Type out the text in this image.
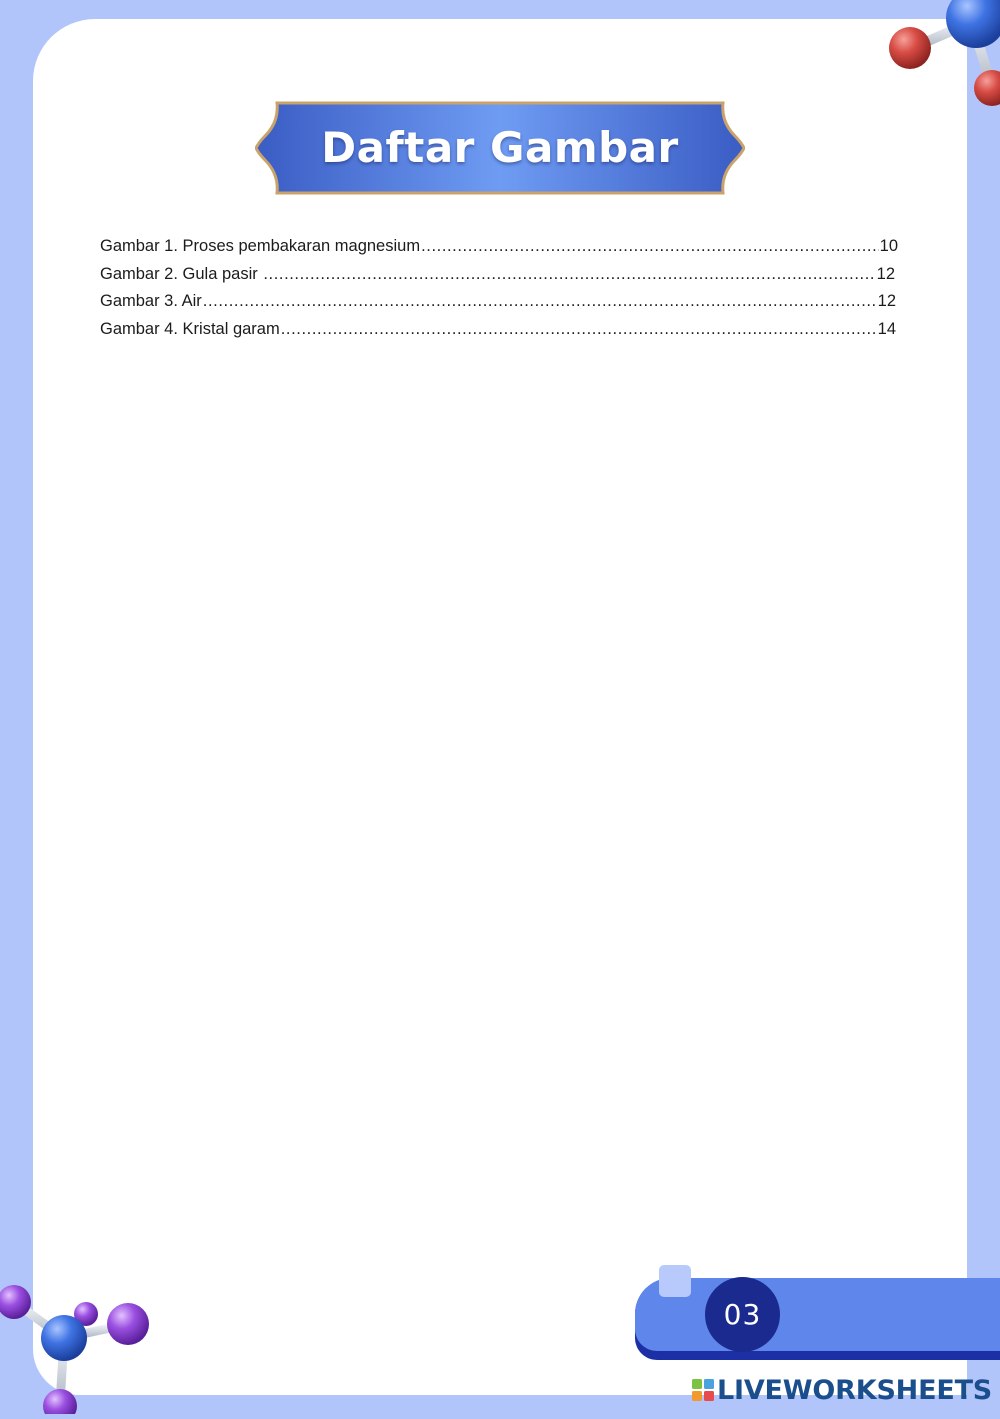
Daftar Gambar
Gambar 1. Proses pembakaran magnesium .....	10
Gambar 2. Gula pasir .....	12
Gambar 3. Air .....	12
Gambar 4. Kristal garam .....	14
03
LIVEWORKSHEETS
